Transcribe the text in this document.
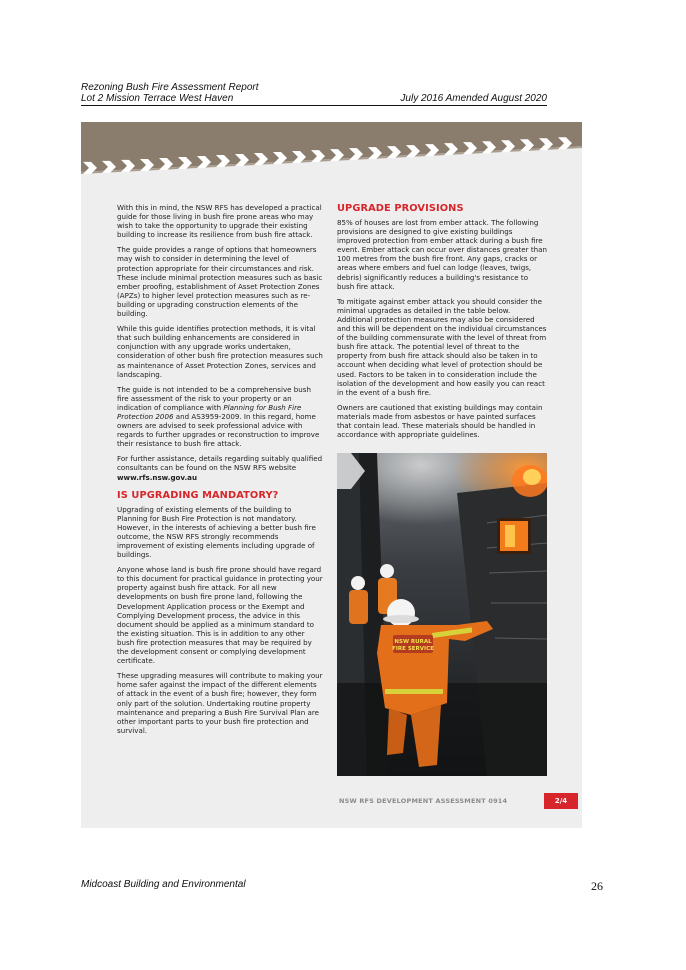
Rezoning Bush Fire Assessment Report
Lot 2 Mission Terrace West Haven	July 2016 Amended August 2020

With this in mind, the NSW RFS has developed a practical guide for those living in bush fire prone areas who may wish to take the opportunity to upgrade their existing building to increase its resilience from bush fire attack.

The guide provides a range of options that homeowners may wish to consider in determining the level of protection appropriate for their circumstances and risk. These include minimal protection measures such as basic ember proofing, establishment of Asset Protection Zones (APZs) to higher level protection measures such as re-building or upgrading construction elements of the building.

While this guide identifies protection methods, it is vital that such building enhancements are considered in conjunction with any upgrade works undertaken, consideration of other bush fire protection measures such as maintenance of Asset Protection Zones, services and landscaping.

The guide is not intended to be a comprehensive bush fire assessment of the risk to your property or an indication of compliance with Planning for Bush Fire Protection 2006 and AS3959-2009. In this regard, home owners are advised to seek professional advice with regards to further upgrades or reconstruction to improve their resistance to bush fire attack.

For further assistance, details regarding suitably qualified consultants can be found on the NSW RFS website www.rfs.nsw.gov.au

IS UPGRADING MANDATORY?

Upgrading of existing elements of the building to Planning for Bush Fire Protection is not mandatory. However, in the interests of achieving a better bush fire outcome, the NSW RFS strongly recommends improvement of existing elements including upgrade of buildings.

Anyone whose land is bush fire prone should have regard to this document for practical guidance in protecting your property against bush fire attack. For all new developments on bush fire prone land, following the Development Application process or the Exempt and Complying Development process, the advice in this document should be applied as a minimum standard to the existing situation. This is in addition to any other bush fire protection measures that may be required by the development consent or complying development certificate.

These upgrading measures will contribute to making your home safer against the impact of the different elements of attack in the event of a bush fire; however, they form only part of the solution. Undertaking routine property maintenance and preparing a Bush Fire Survival Plan are other important parts to your bush fire protection and survival.

UPGRADE PROVISIONS

85% of houses are lost from ember attack. The following provisions are designed to give existing buildings improved protection from ember attack during a bush fire event. Ember attack can occur over distances greater than 100 metres from the bush fire front. Any gaps, cracks or areas where embers and fuel can lodge (leaves, twigs, debris) significantly reduces a building's resistance to bush fire attack.

To mitigate against ember attack you should consider the minimal upgrades as detailed in the table below. Additional protection measures may also be considered and this will be dependent on the individual circumstances of the building commensurate with the level of threat from bush fire attack. The potential level of threat to the property from bush fire attack should also be taken in to account when deciding what level of protection should be used. Factors to be taken in to consideration include the isolation of the development and how easily you can react in the event of a bush fire.

Owners are cautioned that existing buildings may contain materials made from asbestos or have painted surfaces that contain lead. These materials should be handled in accordance with appropriate guidelines.

NSW RURAL
FIRE SERVICE
NSW RFS DEVELOPMENT ASSESSMENT 0914	2/4
Midcoast Building and Environmental	26
